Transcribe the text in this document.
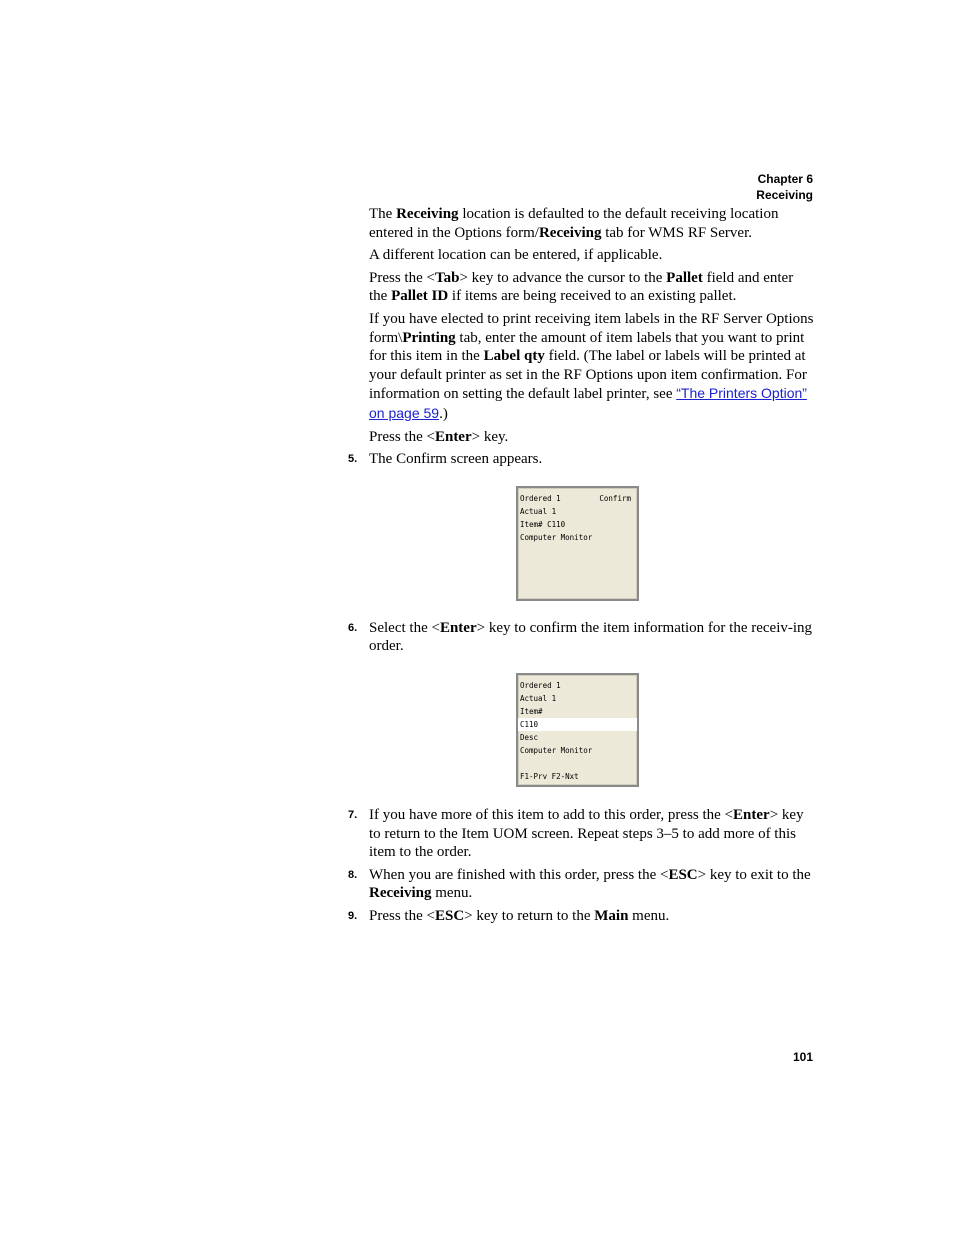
Chapter 6
Receiving

The Receiving location is defaulted to the default receiving location entered in the Options form/Receiving tab for WMS RF Server.

A different location can be entered, if applicable.

Press the <Tab> key to advance the cursor to the Pallet field and enter the Pallet ID if items are being received to an existing pallet.

If you have elected to print receiving item labels in the RF Server Options form\Printing tab, enter the amount of item labels that you want to print for this item in the Label qty field. (The label or labels will be printed at your default printer as set in the RF Options upon item confirmation. For information on setting the default label printer, see “The Printers Option” on page 59.)

Press the <Enter> key.

5. The Confirm screen appears.

Ordered 1
Actual 1
Item# C110
Computer Monitor
Confirm
6. Select the <Enter> key to confirm the item information for the receiv-ing order.

Ordered 1
Actual 1
Item#
C110
Desc
Computer Monitor
F1-Prv F2-Nxt
7. If you have more of this item to add to this order, press the <Enter> key to return to the Item UOM screen. Repeat steps 3–5 to add more of this item to the order.

8. When you are finished with this order, press the <ESC> key to exit to the Receiving menu.

9. Press the <ESC> key to return to the Main menu.

101
